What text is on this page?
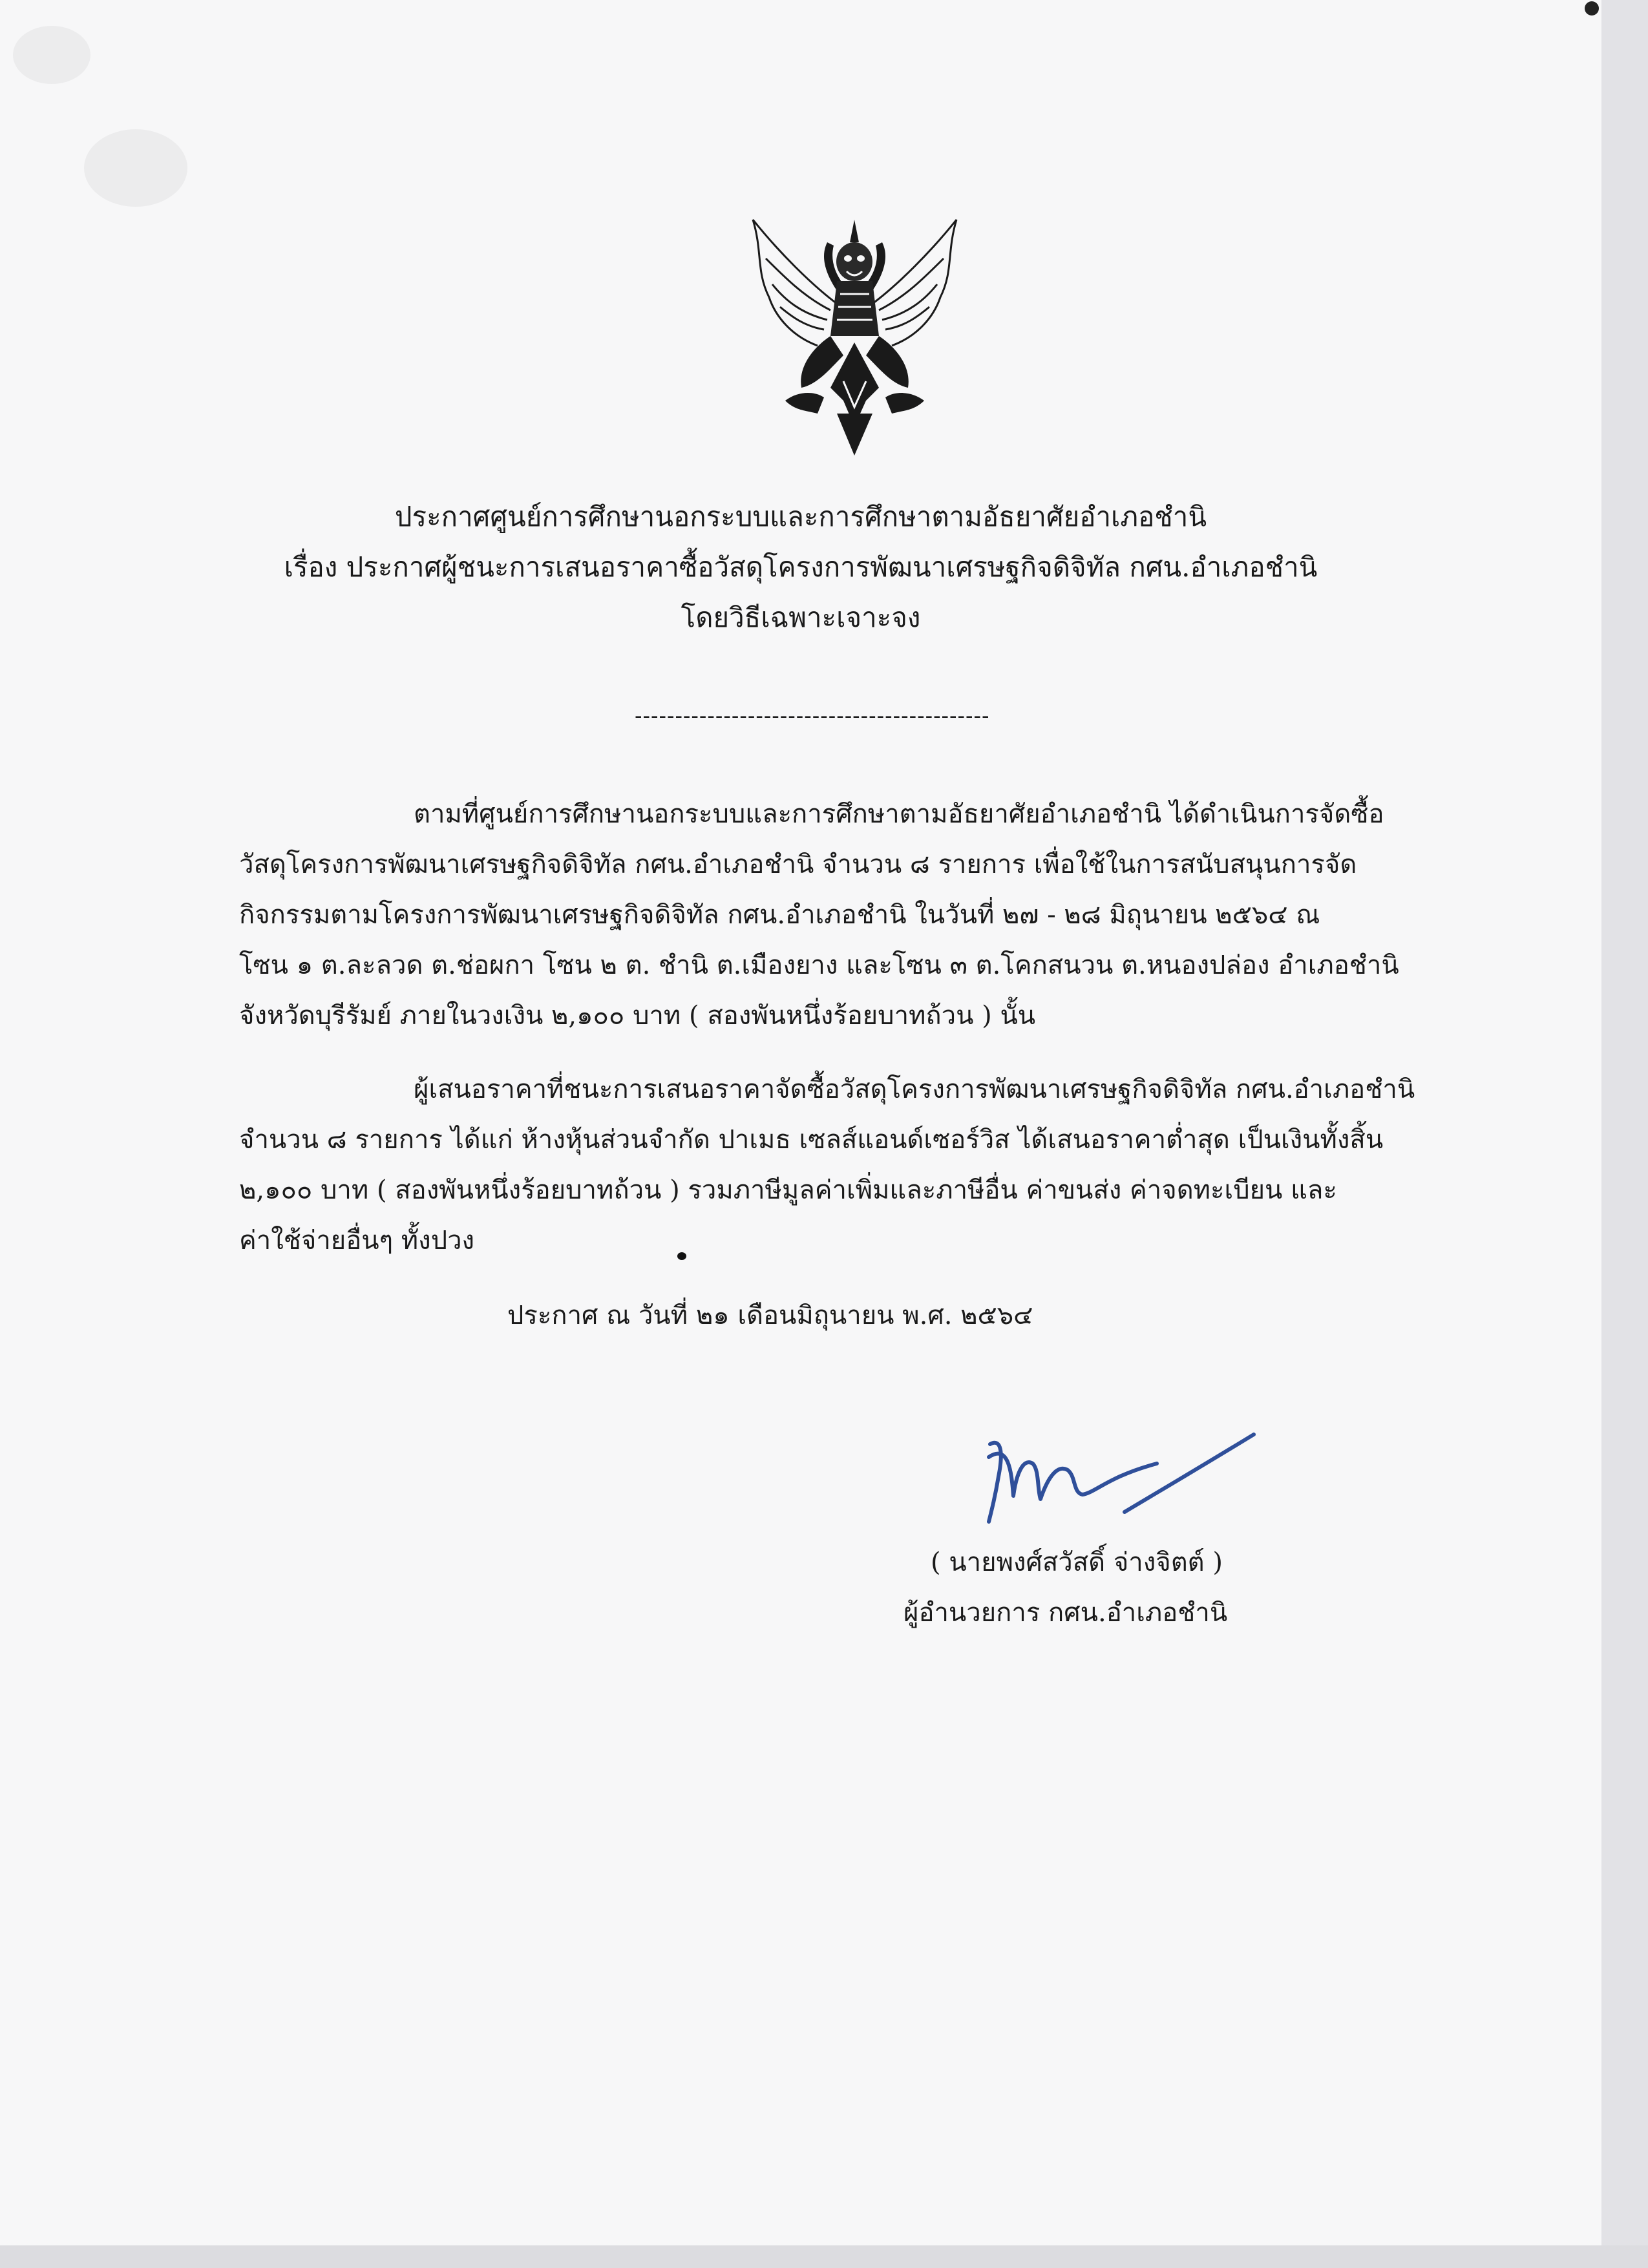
ประกาศศูนย์การศึกษานอกระบบและการศึกษาตามอัธยาศัยอำเภอชำนิ
เรื่อง ประกาศผู้ชนะการเสนอราคาซื้อวัสดุโครงการพัฒนาเศรษฐกิจดิจิทัล กศน.อำเภอชำนิ
โดยวิธีเฉพาะเจาะจง
--------------------------------------------
ตามที่ศูนย์การศึกษานอกระบบและการศึกษาตามอัธยาศัยอำเภอชำนิ ได้ดำเนินการจัดซื้อ
วัสดุโครงการพัฒนาเศรษฐกิจดิจิทัล กศน.อำเภอชำนิ จำนวน ๘ รายการ เพื่อใช้ในการสนับสนุนการจัด
กิจกรรมตามโครงการพัฒนาเศรษฐกิจดิจิทัล กศน.อำเภอชำนิ ในวันที่ ๒๗ - ๒๘ มิถุนายน ๒๕๖๔ ณ
โซน ๑ ต.ละลวด ต.ช่อผกา โซน ๒ ต. ชำนิ ต.เมืองยาง และโซน ๓ ต.โคกสนวน ต.หนองปล่อง อำเภอชำนิ
จังหวัดบุรีรัมย์ ภายในวงเงิน ๒,๑๐๐ บาท ( สองพันหนึ่งร้อยบาทถ้วน ) นั้น
ผู้เสนอราคาที่ชนะการเสนอราคาจัดซื้อวัสดุโครงการพัฒนาเศรษฐกิจดิจิทัล กศน.อำเภอชำนิ
จำนวน ๘ รายการ ได้แก่ ห้างหุ้นส่วนจำกัด ปาเมธ เซลส์แอนด์เซอร์วิส ได้เสนอราคาต่ำสุด เป็นเงินทั้งสิ้น
๒,๑๐๐ บาท ( สองพันหนึ่งร้อยบาทถ้วน ) รวมภาษีมูลค่าเพิ่มและภาษีอื่น ค่าขนส่ง ค่าจดทะเบียน และ
ค่าใช้จ่ายอื่นๆ ทั้งปวง
ประกาศ ณ วันที่ ๒๑ เดือนมิถุนายน พ.ศ. ๒๕๖๔
( นายพงศ์สวัสดิ์ จ่างจิตต์ )
ผู้อำนวยการ กศน.อำเภอชำนิ
